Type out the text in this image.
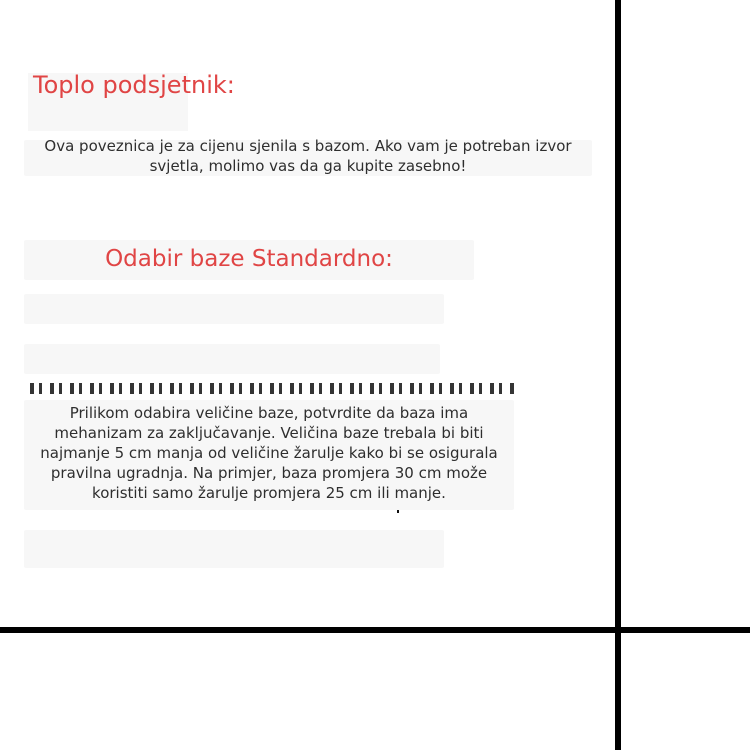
Toplo podsjetnik:

Ova poveznica je za cijenu sjenila s bazom. Ako vam je potreban izvor svjetla, molimo vas da ga kupite zasebno!

Odabir baze Standardno:

Prilikom odabira veličine baze, potvrdite da baza ima mehanizam za zaključavanje. Veličina baze trebala bi biti najmanje 5 cm manja od veličine žarulje kako bi se osigurala pravilna ugradnja. Na primjer, baza promjera 30 cm može koristiti samo žarulje promjera 25 cm ili manje.
